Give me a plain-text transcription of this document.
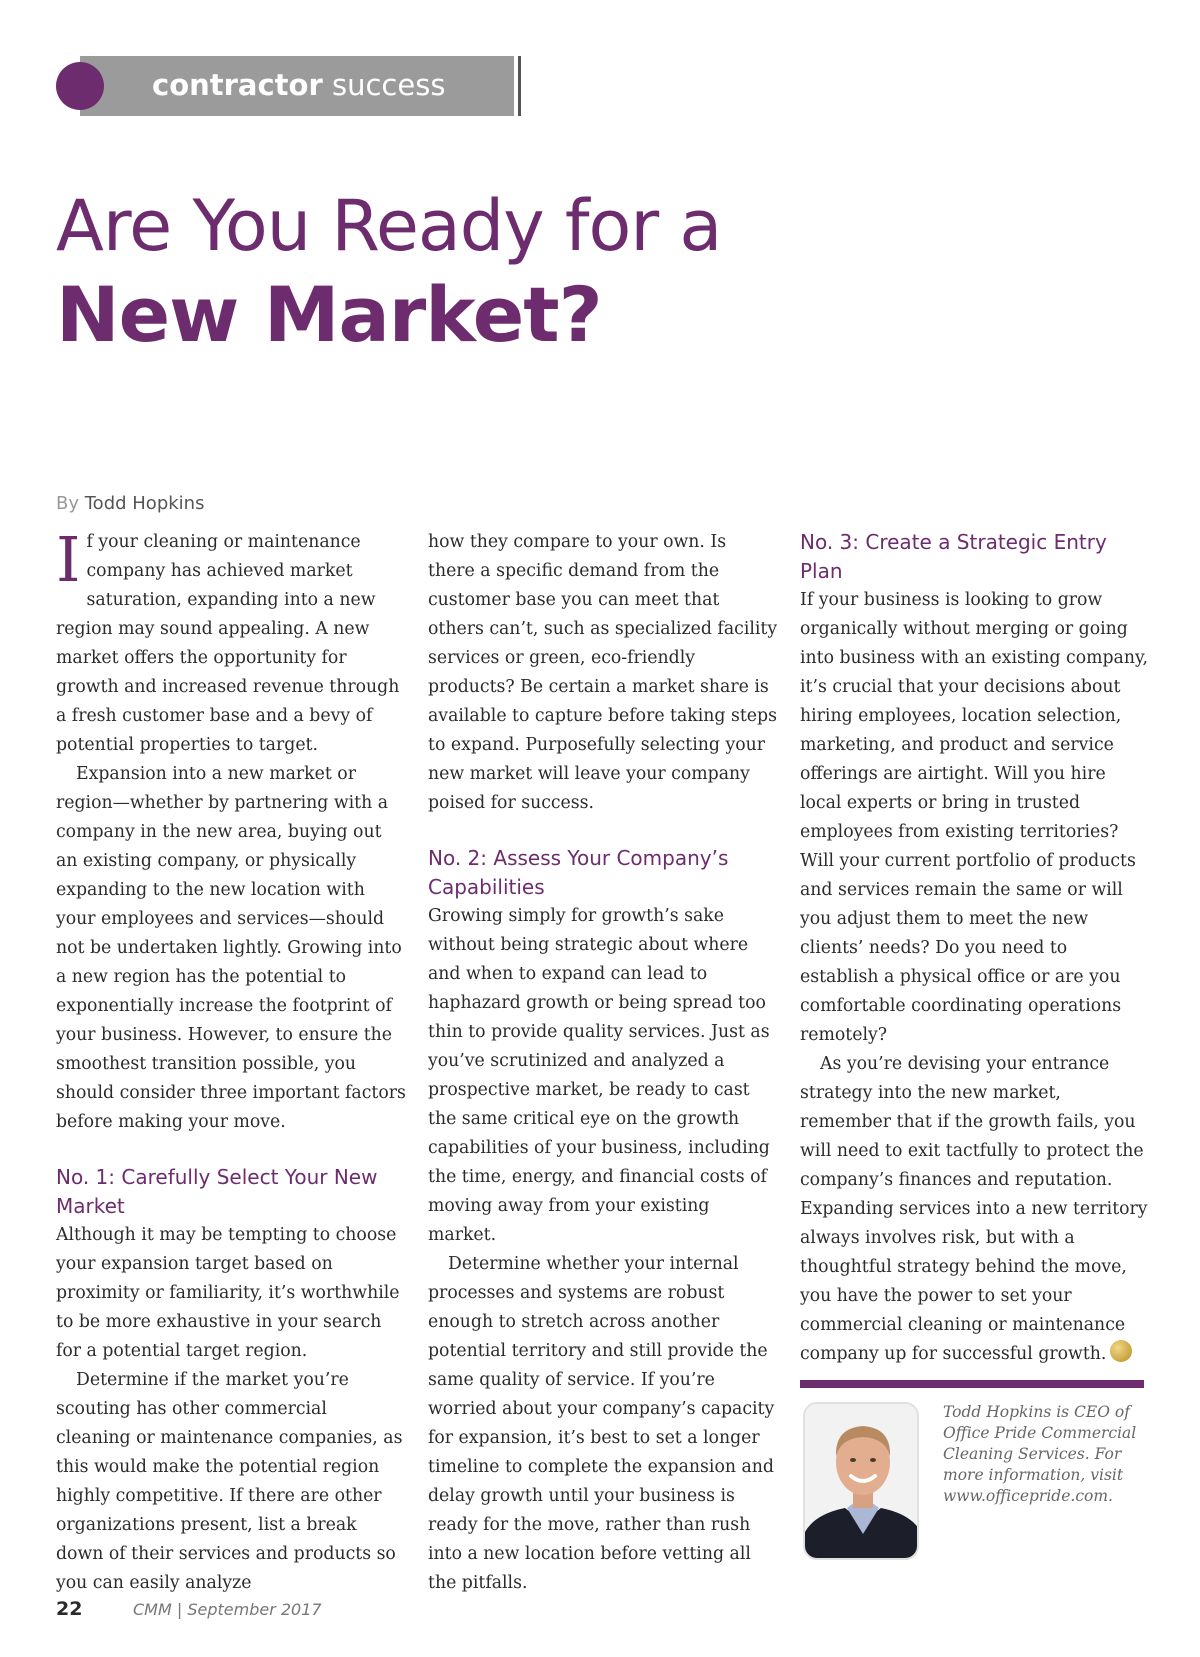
contractor success
Are You Ready for a
New Market?
By Todd Hopkins

If your cleaning or maintenance company has achieved market saturation, expanding into a new region may sound appealing. A new market offers the opportunity for growth and increased revenue through a fresh customer base and a bevy of potential properties to target.

Expansion into a new market or region—whether by partnering with a company in the new area, buying out an existing company, or physically expanding to the new location with your employees and services—should not be undertaken lightly. Growing into a new region has the potential to exponentially increase the footprint of your business. However, to ensure the smoothest transition possible, you should consider three important factors before making your move.

No. 1: Carefully Select Your New Market

Although it may be tempting to choose your expansion target based on proximity or familiarity, it’s worthwhile to be more exhaustive in your search for a potential target region.

Determine if the market you’re scouting has other commercial cleaning or maintenance companies, as this would make the potential region highly competitive. If there are other organizations present, list a break down of their services and products so you can easily analyze

how they compare to your own. Is there a specific demand from the customer base you can meet that others can’t, such as specialized facility services or green, eco-friendly products? Be certain a market share is available to capture before taking steps to expand. Purposefully selecting your new market will leave your company poised for success.

No. 2: Assess Your Company’s Capabilities

Growing simply for growth’s sake without being strategic about where and when to expand can lead to haphazard growth or being spread too thin to provide quality services. Just as you’ve scrutinized and analyzed a prospective market, be ready to cast the same critical eye on the growth capabilities of your business, including the time, energy, and financial costs of moving away from your existing market.

Determine whether your internal processes and systems are robust enough to stretch across another potential territory and still provide the same quality of service. If you’re worried about your company’s capacity for expansion, it’s best to set a longer timeline to complete the expansion and delay growth until your business is ready for the move, rather than rush into a new location before vetting all the pitfalls.

No. 3: Create a Strategic Entry Plan

If your business is looking to grow organically without merging or going into business with an existing company, it’s crucial that your decisions about hiring employees, location selection, marketing, and product and service offerings are airtight. Will you hire local experts or bring in trusted employees from existing territories? Will your current portfolio of products and services remain the same or will you adjust them to meet the new clients’ needs? Do you need to establish a physical office or are you comfortable coordinating operations remotely?

As you’re devising your entrance strategy into the new market, remember that if the growth fails, you will need to exit tactfully to protect the company’s finances and reputation. Expanding services into a new territory always involves risk, but with a thoughtful strategy behind the move, you have the power to set your commercial cleaning or maintenance company up for successful growth.

Todd Hopkins is CEO of Office Pride Commercial Cleaning Services. For more information, visit www.officepride.com.

22	CMM | September 2017
